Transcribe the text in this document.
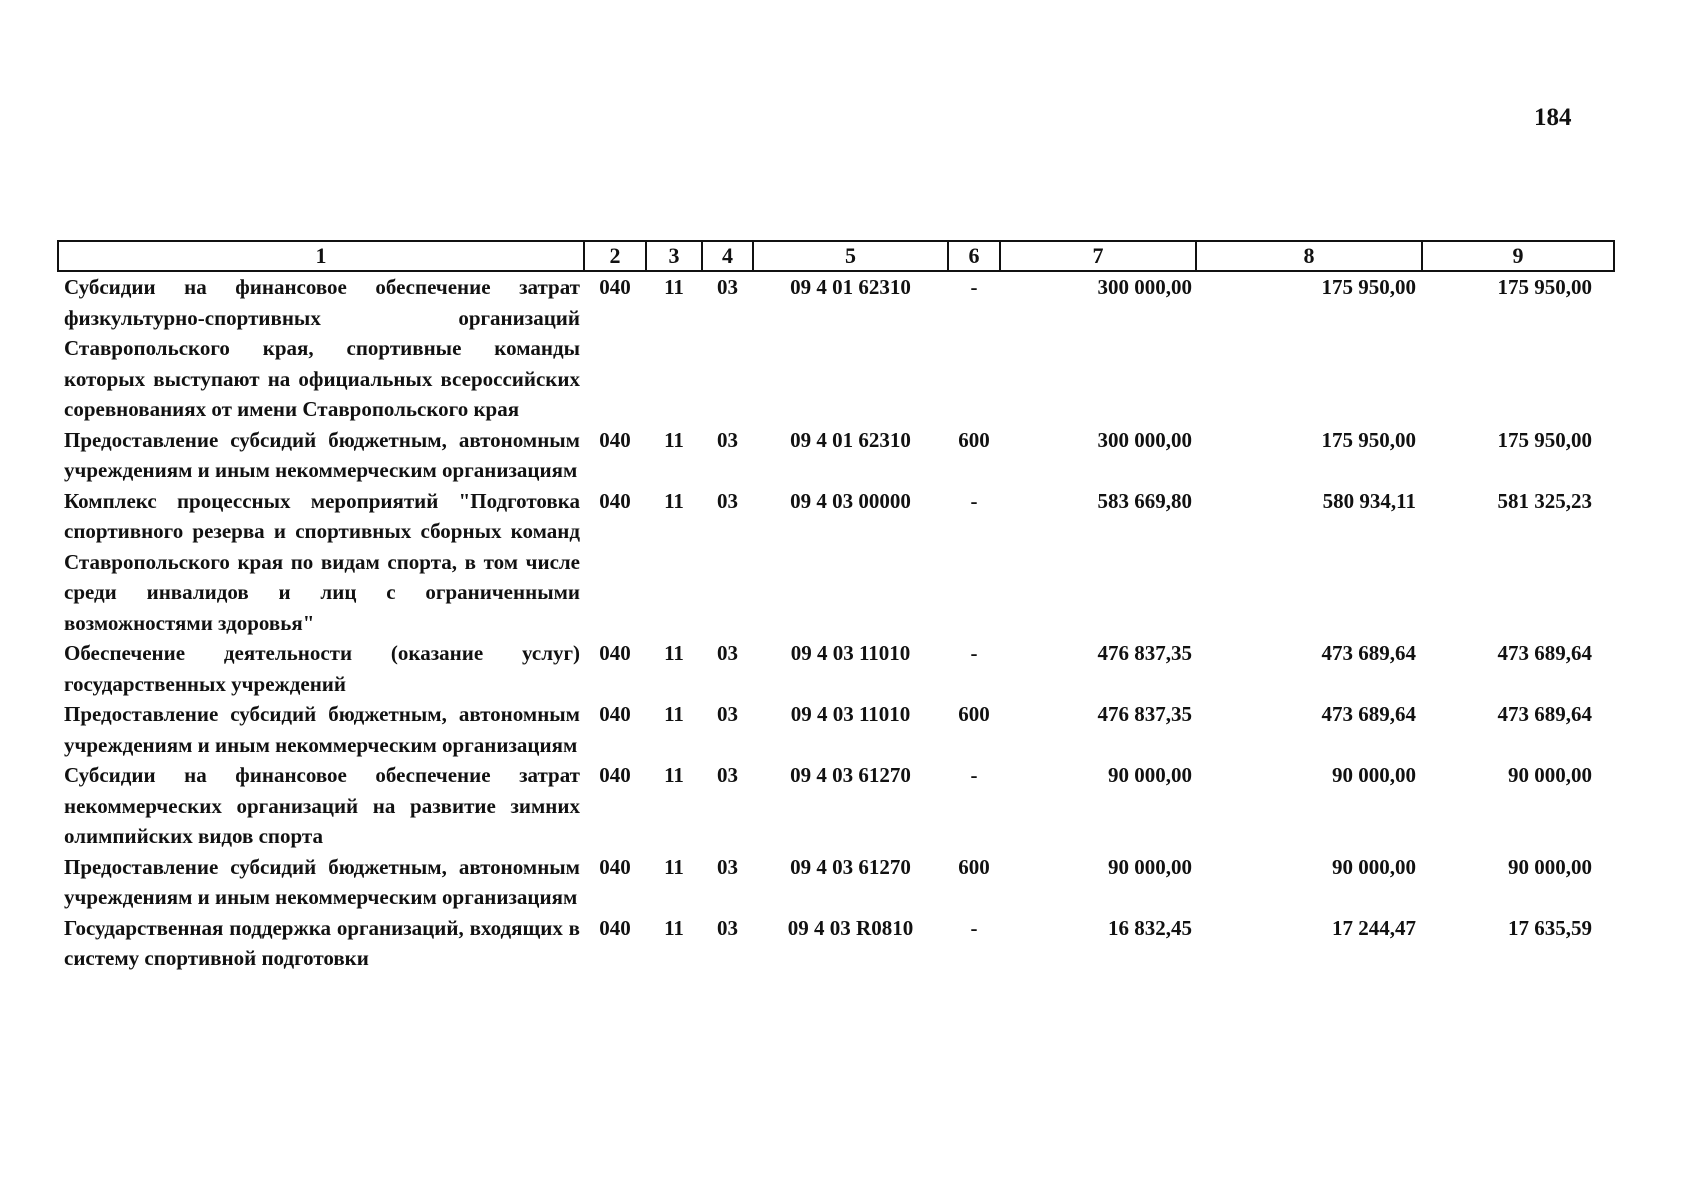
184
1	2	3	4	5	6	7	8	9
Субсидии на финансовое обеспечение затрат физкультурно-спортивных организаций Ставропольского края, спортивные команды которых выступают на официальных всероссийских соревнованиях от имени Ставропольского края	040	11	03	09 4 01 62310	-	300 000,00	175 950,00	175 950,00
Предоставление субсидий бюджетным, автономным учреждениям и иным некоммерческим организациям	040	11	03	09 4 01 62310	600	300 000,00	175 950,00	175 950,00
Комплекс процессных мероприятий "Подготовка спортивного резерва и спортивных сборных команд Ставропольского края по видам спорта, в том числе среди инвалидов и лиц с ограниченными возможностями здоровья"	040	11	03	09 4 03 00000	-	583 669,80	580 934,11	581 325,23
Обеспечение деятельности (оказание услуг) государственных учреждений	040	11	03	09 4 03 11010	-	476 837,35	473 689,64	473 689,64
Предоставление субсидий бюджетным, автономным учреждениям и иным некоммерческим организациям	040	11	03	09 4 03 11010	600	476 837,35	473 689,64	473 689,64
Субсидии на финансовое обеспечение затрат некоммерческих организаций на развитие зимних олимпийских видов спорта	040	11	03	09 4 03 61270	-	90 000,00	90 000,00	90 000,00
Предоставление субсидий бюджетным, автономным учреждениям и иным некоммерческим организациям	040	11	03	09 4 03 61270	600	90 000,00	90 000,00	90 000,00
Государственная поддержка организаций, входящих в систему спортивной подготовки	040	11	03	09 4 03 R0810	-	16 832,45	17 244,47	17 635,59
